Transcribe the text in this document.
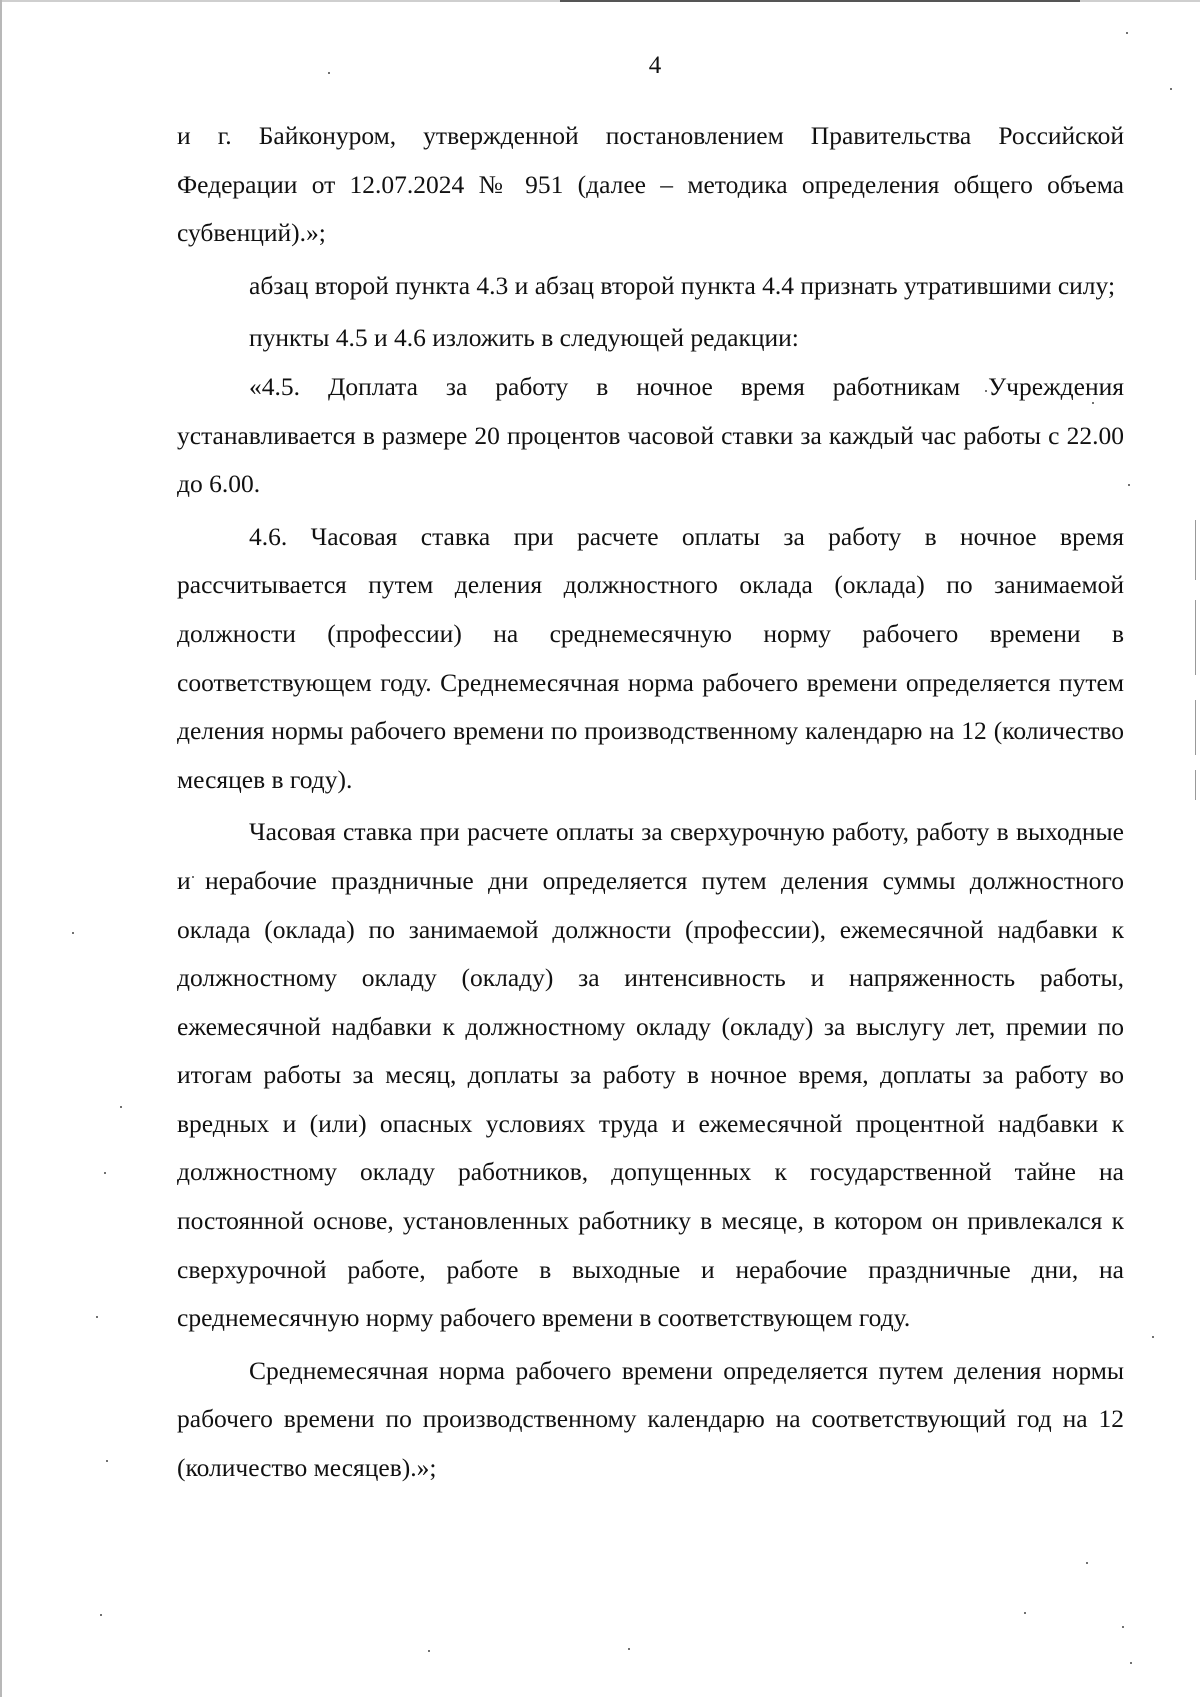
4

и г. Байконуром, утвержденной постановлением Правительства Российской Федерации от 12.07.2024 № 951 (далее – методика определения общего объема субвенций).»;

абзац второй пункта 4.3 и абзац второй пункта 4.4 признать утратившими силу;

пункты 4.5 и 4.6 изложить в следующей редакции:

«4.5. Доплата за работу в ночное время работникам Учреждения устанавливается в размере 20 процентов часовой ставки за каждый час работы с 22.00 до 6.00.

4.6. Часовая ставка при расчете оплаты за работу в ночное время рассчитывается путем деления должностного оклада (оклада) по занимаемой должности (профессии) на среднемесячную норму рабочего времени в соответствующем году. Среднемесячная норма рабочего времени определяется путем деления нормы рабочего времени по производственному календарю на 12 (количество месяцев в году).

Часовая ставка при расчете оплаты за сверхурочную работу, работу в выходные и нерабочие праздничные дни определяется путем деления суммы должностного оклада (оклада) по занимаемой должности (профессии), ежемесячной надбавки к должностному окладу (окладу) за интенсивность и напряженность работы, ежемесячной надбавки к должностному окладу (окладу) за выслугу лет, премии по итогам работы за месяц, доплаты за работу в ночное время, доплаты за работу во вредных и (или) опасных условиях труда и ежемесячной процентной надбавки к должностному окладу работников, допущенных к государственной тайне на постоянной основе, установленных работнику в месяце, в котором он привлекался к сверхурочной работе, работе в выходные и нерабочие праздничные дни, на среднемесячную норму рабочего времени в соответствующем году.

Среднемесячная норма рабочего времени определяется путем деления нормы рабочего времени по производственному календарю на соответствующий год на 12 (количество месяцев).»;
